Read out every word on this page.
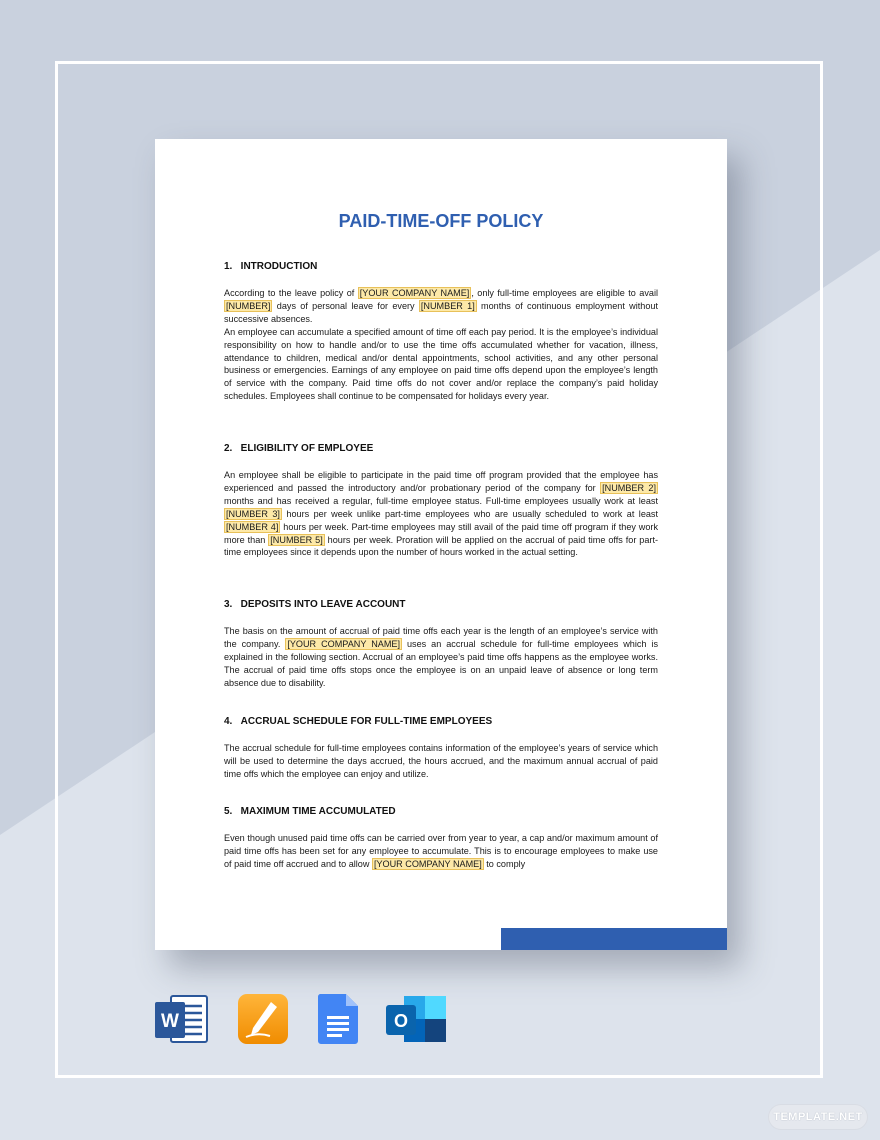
PAID-TIME-OFF POLICY
1.   INTRODUCTION

According to the leave policy of [YOUR COMPANY NAME] , only full-time employees are eligible to avail [NUMBER] days of personal leave for every [NUMBER 1] months of continuous employment without successive absences.

An employee can accumulate a specified amount of time off each pay period. It is the employee’s individual responsibility on how to handle and/or to use the time offs accumulated whether for vacation, illness, attendance to children, medical and/or dental appointments, school activities, and any other personal business or emergencies. Earnings of any employee on paid time offs depend upon the employee’s length of service with the company. Paid time offs do not cover and/or replace the company’s paid holiday schedules. Employees shall continue to be compensated for holidays every year.

2.   ELIGIBILITY OF EMPLOYEE

An employee shall be eligible to participate in the paid time off program provided that the employee has experienced and passed the introductory and/or probationary period of the company for [NUMBER 2] months and has received a regular, full-time employee status. Full-time employees usually work at least [NUMBER 3] hours per week unlike part-time employees who are usually scheduled to work at least [NUMBER 4] hours per week. Part-time employees may still avail of the paid time off program if they work more than [NUMBER 5] hours per week. Proration will be applied on the accrual of paid time offs for part-time employees since it depends upon the number of hours worked in the actual setting.

3.   DEPOSITS INTO LEAVE ACCOUNT

The basis on the amount of accrual of paid time offs each year is the length of an employee’s service with the company. [YOUR COMPANY NAME] uses an accrual schedule for full-time employees which is explained in the following section. Accrual of an employee’s paid time offs happens as the employee works. The accrual of paid time offs stops once the employee is on an unpaid leave of absence or long term absence due to disability.

4.   ACCRUAL SCHEDULE FOR FULL-TIME EMPLOYEES

The accrual schedule for full-time employees contains information of the employee’s years of service which will be used to determine the days accrued, the hours accrued, and the maximum annual accrual of paid time offs which the employee can enjoy and utilize.

5.   MAXIMUM TIME ACCUMULATED

Even though unused paid time offs can be carried over from year to year, a cap and/or maximum amount of paid time offs has been set for any employee to accumulate. This is to encourage employees to make use of paid time off accrued and to allow [YOUR COMPANY NAME] to comply

W	O
TEMPLATE.NET
